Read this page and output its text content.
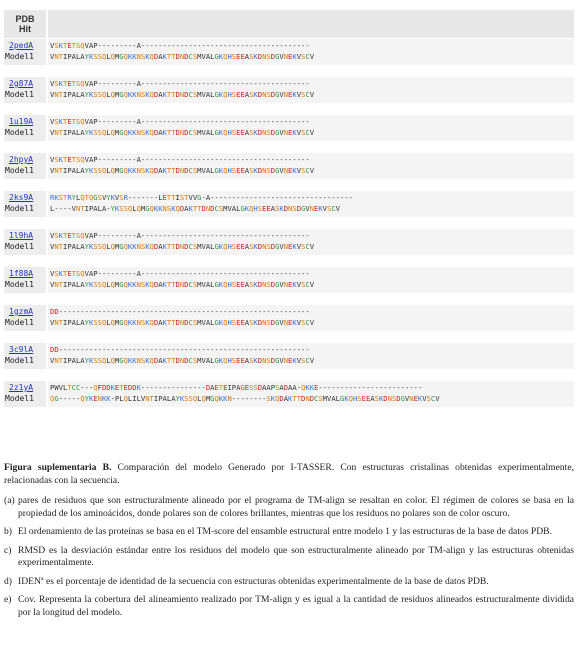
PDB
Hit
2pedA
Model1
VSKTETSQVAP---------A---------------------------------------
VNTIPALAYKSSQLQMGQKKNSKQDAKTTDNDCSMVALGKQHSEEASKDNSDGVNEKVSCV
2g87A
Model1
VSKTETSQVAP---------A---------------------------------------
VNTIPALAYKSSQLQMGQKKNSKQDAKTTDNDCSMVALGKQHSEEASKDNSDGVNEKVSCV
1u19A
Model1
VSKTETSQVAP---------A---------------------------------------
VNTIPALAYKSSQLQMGQKKNSKQDAKTTDNDCSMVALGKQHSEEASKDNSDGVNEKVSCV
2hpyA
Model1
VSKTETSQVAP---------A---------------------------------------
VNTIPALAYKSSQLQMGQKKNSKQDAKTTDNDCSMVALGKQHSEEASKDNSDGVNEKVSCV
2ks9A
Model1
RKSTRYLQTQGSVYKVSR-------LETTISTVVG-A---------------------------------
L----VNTIPALA-YKSSQLQMGQKKNSKQDAKTTDNDCSMVALGKQHSEEASKDNSDGVNEKVSCV
1l9hA
Model1
VSKTETSQVAP---------A---------------------------------------
VNTIPALAYKSSQLQMGQKKNSKQDAKTTDNDCSMVALGKQHSEEASKDNSDGVNEKVSCV
1f88A
Model1
VSKTETSQVAP---------A---------------------------------------
VNTIPALAYKSSQLQMGQKKNSKQDAKTTDNDCSMVALGKQHSEEASKDNSDGVNEKVSCV
1gzmA
Model1
DD----------------------------------------------------------
VNTIPALAYKSSQLQMGQKKNSKQDAKTTDNDCSMVALGKQHSEEASKDNSDGVNEKVSCV
3c9lA
Model1
DD----------------------------------------------------------
VNTIPALAYKSSQLQMGQKKNSKQDAKTTDNDCSMVALGKQHSEEASKDNSDGVNEKVSCV
2z1yA
Model1
PWVLTCC---QFDDKETEDDK---------------DAETEIPAGESSDAAPSADAA-QKKE------------------------
QG-----QYKENKK-PLQLILVNTIPALAYKSSQLQMGQKKN--------SKQDAKTTDNDCSMVALGKQHSEEASKDNSDGVNEKVSCV

Figura suplementaria B. Comparación del modelo Generado por I-TASSER. Con estructuras cristalinas obtenidas experimentalmente, relacionadas con la secuencia.

(a) pares de residuos que son estructuralmente alineado por el programa de TM-align se resaltan en color. El régimen de colores se basa en la propiedad de los aminoácidos, donde polares son de colores brillantes, mientras que los residuos no polares son de color oscuro.

b) El ordenamiento de las proteínas se basa en el TM-score del ensamble estructural entre modelo 1 y las estructuras de la base de datos PDB.

c) RMSD es la desviación estándar entre los residuos del modelo que son estructuralmente alineado por TM-align y las estructuras obtenidas experimentalmente.

d) IDENª es el porcentaje de identidad de la secuencia con estructuras obtenidas experimentalmente de la base de datos PDB.

e) Cov. Representa la cobertura del alineamiento realizado por TM-align y es igual a la cantidad de residuos alineados estructuralmente dividida por la longitud del modelo.
